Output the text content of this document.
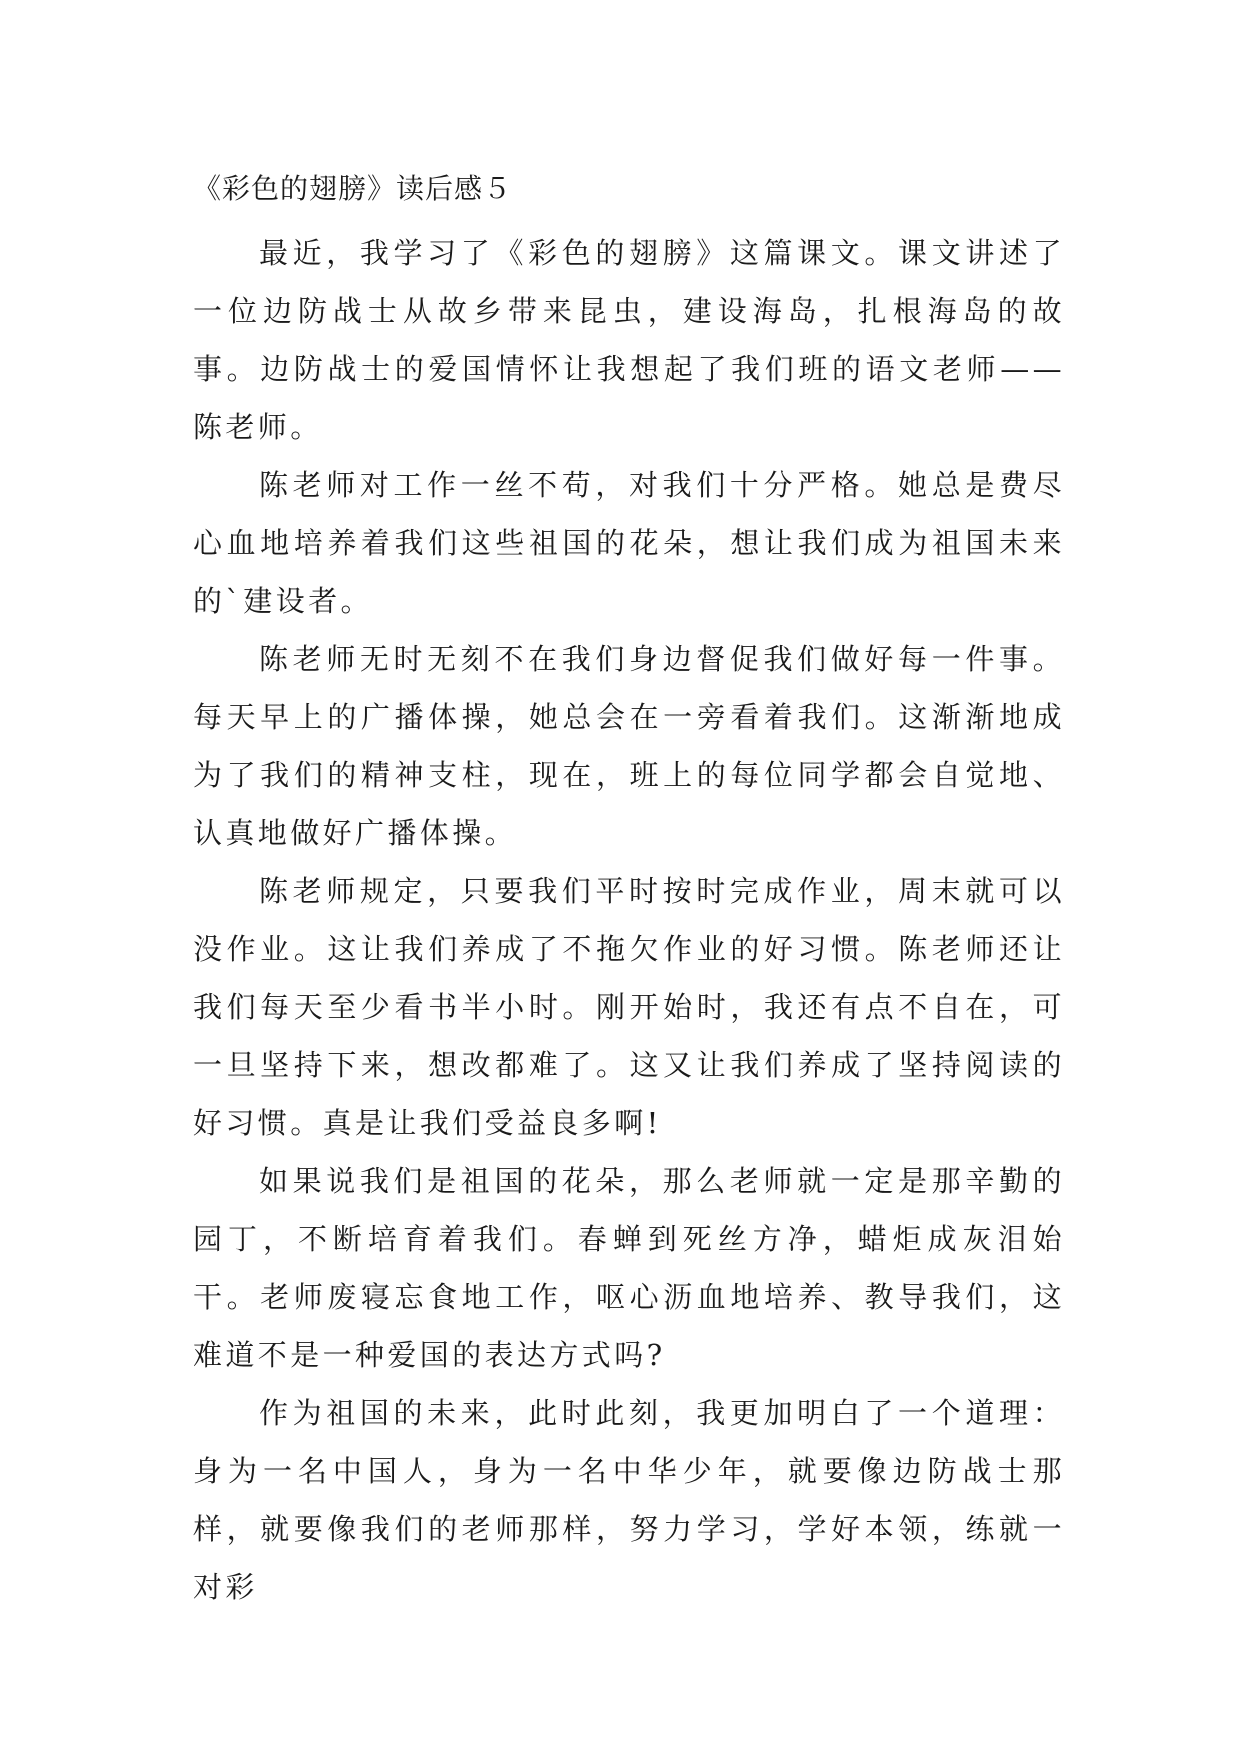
《彩色的翅膀》读后感５

最近，我学习了《彩色的翅膀》这篇课文。课文讲述了一位边防战士从故乡带来昆虫，建设海岛，扎根海岛的故事。边防战士的爱国情怀让我想起了我们班的语文老师——陈老师。

陈老师对工作一丝不苟，对我们十分严格。她总是费尽心血地培养着我们这些祖国的花朵，想让我们成为祖国未来的`建设者。

陈老师无时无刻不在我们身边督促我们做好每一件事。每天早上的广播体操，她总会在一旁看着我们。这渐渐地成为了我们的精神支柱，现在，班上的每位同学都会自觉地、认真地做好广播体操。

陈老师规定，只要我们平时按时完成作业，周末就可以没作业。这让我们养成了不拖欠作业的好习惯。陈老师还让我们每天至少看书半小时。刚开始时，我还有点不自在，可一旦坚持下来，想改都难了。这又让我们养成了坚持阅读的好习惯。真是让我们受益良多啊!

如果说我们是祖国的花朵，那么老师就一定是那辛勤的园丁，不断培育着我们。春蝉到死丝方净，蜡炬成灰泪始干。老师废寝忘食地工作，呕心沥血地培养、教导我们，这难道不是一种爱国的表达方式吗?

作为祖国的未来，此时此刻，我更加明白了一个道理：身为一名中国人，身为一名中华少年，就要像边防战士那样，就要像我们的老师那样，努力学习，学好本领，练就一对彩
